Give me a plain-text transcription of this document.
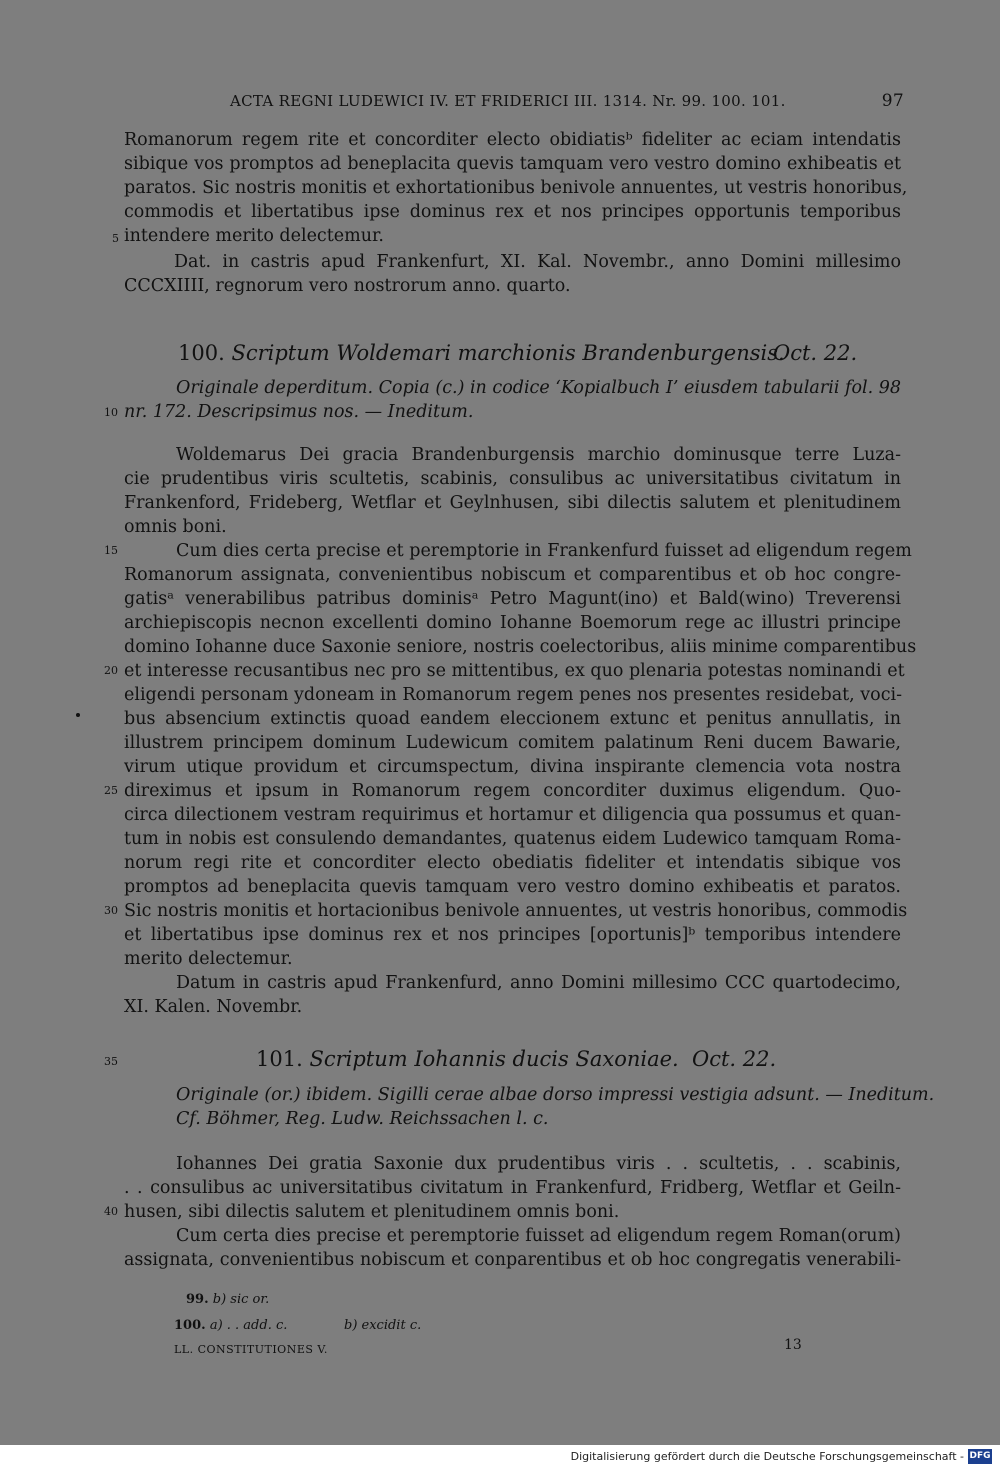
ACTA REGNI LUDEWICI IV. ET FRIDERICI III. 1314. Nr. 99. 100. 101.	97
Romanorum regem rite et concorditer electo obidiatisᵇ fideliter ac eciam intendatis
sibique vos promptos ad beneplacita quevis tamquam vero vestro domino exhibeatis et
paratos. Sic nostris monitis et exhortationibus benivole annuentes, ut vestris honoribus,
commodis et libertatibus ipse dominus rex et nos principes opportunis temporibus
intendere merito delectemur.
Dat. in castris apud Frankenfurt, XI. Kal. Novembr., anno Domini millesimo
CCCXIIII, regnorum vero nostrorum anno. quarto.
100. Scriptum Woldemari marchionis Brandenburgensis.
Oct. 22.
Originale deperditum. Copia (c.) in codice ‘Kopialbuch I’ eiusdem tabularii fol. 98
nr. 172. Descripsimus nos. — Ineditum.
Woldemarus Dei gracia Brandenburgensis marchio dominusque terre Luza-
cie prudentibus viris scultetis, scabinis, consulibus ac universitatibus civitatum in
Frankenford, Frideberg, Wetflar et Geylnhusen, sibi dilectis salutem et plenitudinem
omnis boni.
Cum dies certa precise et peremptorie in Frankenfurd fuisset ad eligendum regem
Romanorum assignata, convenientibus nobiscum et comparentibus et ob hoc congre-
gatisᵃ venerabilibus patribus dominisᵃ Petro Magunt(ino) et Bald(wino) Treverensi
archiepiscopis necnon excellenti domino Iohanne Boemorum rege ac illustri principe
domino Iohanne duce Saxonie seniore, nostris coelectoribus, aliis minime comparentibus
et interesse recusantibus nec pro se mittentibus, ex quo plenaria potestas nominandi et
eligendi personam ydoneam in Romanorum regem penes nos presentes residebat, voci-
bus absencium extinctis quoad eandem eleccionem extunc et penitus annullatis, in
illustrem principem dominum Ludewicum comitem palatinum Reni ducem Bawarie,
virum utique providum et circumspectum, divina inspirante clemencia vota nostra
direximus et ipsum in Romanorum regem concorditer duximus eligendum. Quo-
circa dilectionem vestram requirimus et hortamur et diligencia qua possumus et quan-
tum in nobis est consulendo demandantes, quatenus eidem Ludewico tamquam Roma-
norum regi rite et concorditer electo obediatis fideliter et intendatis sibique vos
promptos ad beneplacita quevis tamquam vero vestro domino exhibeatis et paratos.
Sic nostris monitis et hortacionibus benivole annuentes, ut vestris honoribus, commodis
et libertatibus ipse dominus rex et nos principes [oportunis]ᵇ temporibus intendere
merito delectemur.
Datum in castris apud Frankenfurd, anno Domini millesimo CCC quartodecimo,
XI. Kalen. Novembr.
101. Scriptum Iohannis ducis Saxoniae. Oct. 22.
Originale (or.) ibidem. Sigilli cerae albae dorso impressi vestigia adsunt. — Ineditum.
Cf. Böhmer, Reg. Ludw. Reichssachen l. c.
Iohannes Dei gratia Saxonie dux prudentibus viris . . scultetis, . . scabinis,
. . consulibus ac universitatibus civitatum in Frankenfurd, Fridberg, Wetflar et Geiln-
husen, sibi dilectis salutem et plenitudinem omnis boni.
Cum certa dies precise et peremptorie fuisset ad eligendum regem Roman(orum)
assignata, convenientibus nobiscum et conparentibus et ob hoc congregatis venerabili-
5
10
15
20
25
30
35
40
99. b) sic or.
100. a) . . add. c.	b) excidit c.
LL. CONSTITUTIONES V.	13
Digitalisierung gefördert durch die Deutsche Forschungsgemeinschaft - DFG
